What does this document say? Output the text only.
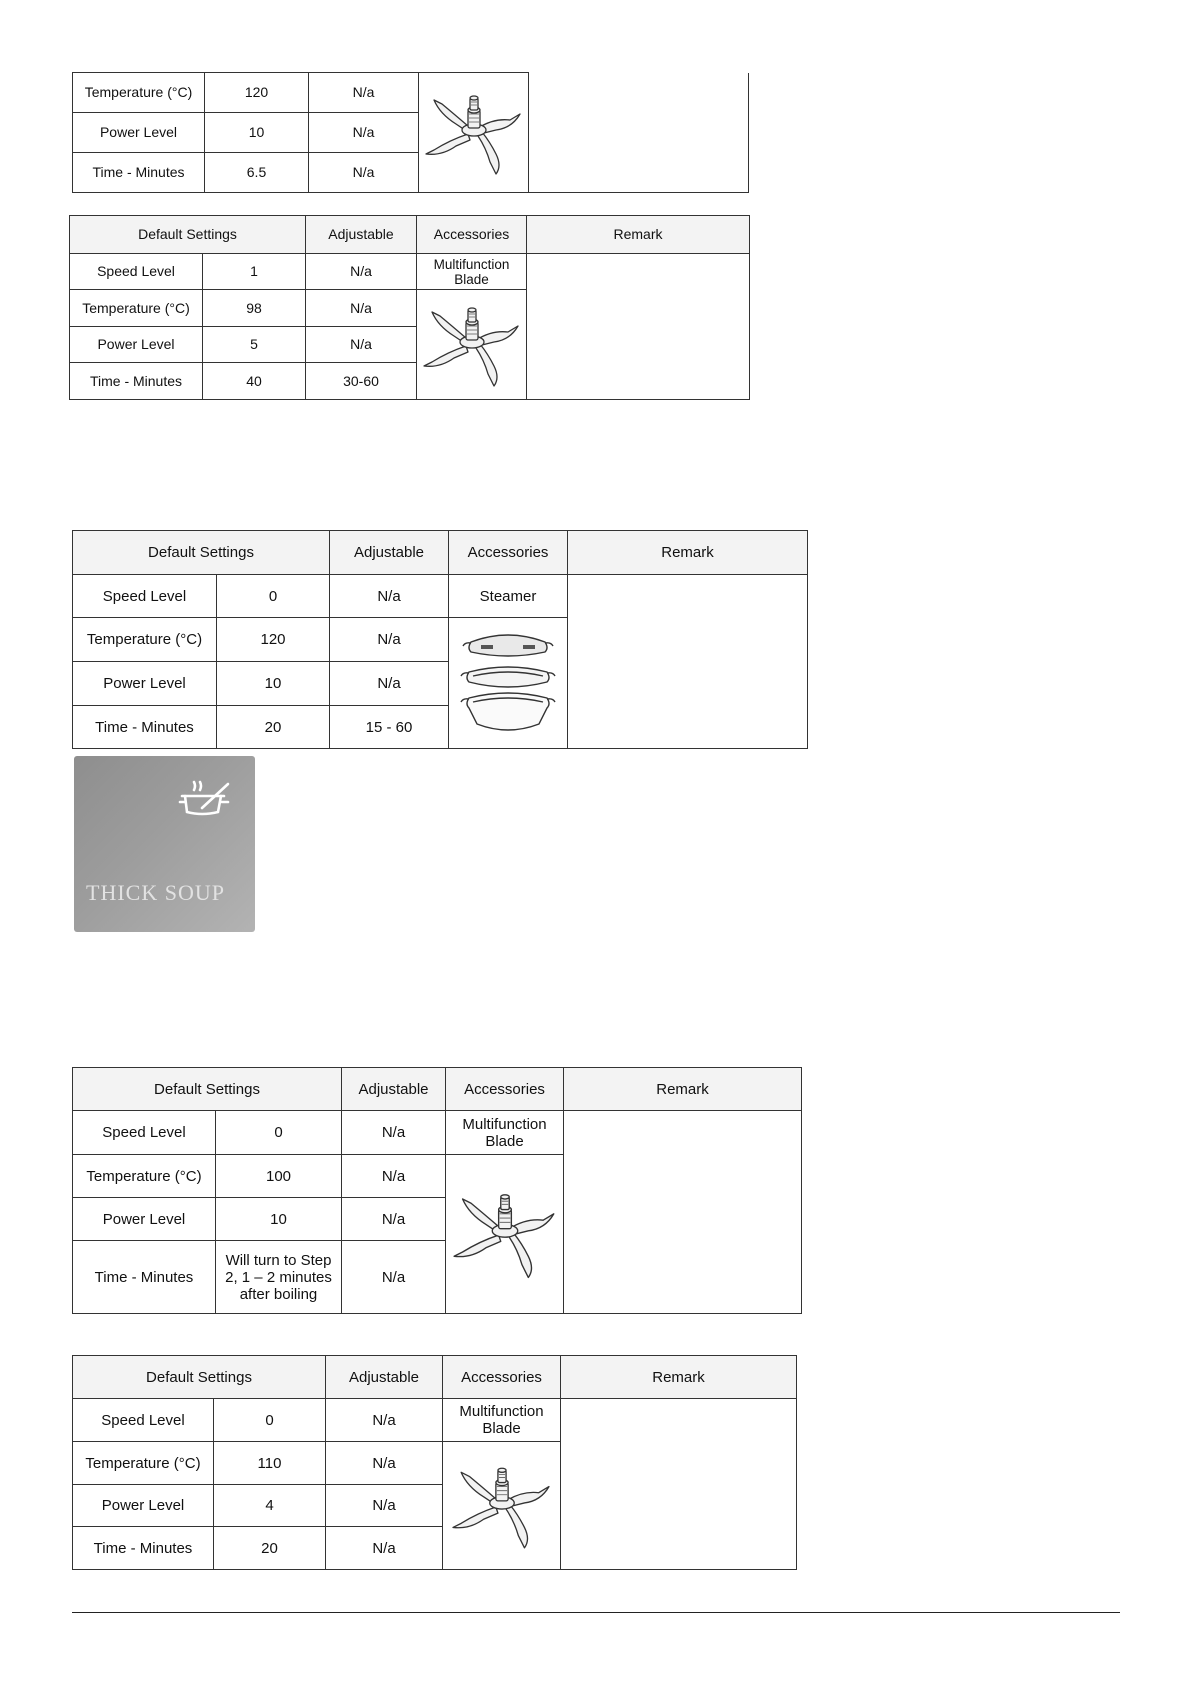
Temperature (°C)	120	N/a	

Power Level	10	N/a		
Time - Minutes	6.5	N/a		
Default Settings		Adjustable	Accessories	Remark
Speed Level	1	N/a	Multifunction Blade	
Temperature (°C)	98	N/a	

Power Level	5	N/a		
Time - Minutes	40	30-60		
Default Settings		Adjustable	Accessories	Remark
Speed Level	0	N/a	Steamer	
Temperature (°C)	120	N/a	

Power Level	10	N/a		
Time - Minutes	20	15 - 60		
THICK SOUP
Default Settings		Adjustable	Accessories	Remark
Speed Level	0	N/a	Multifunction Blade	
Temperature (°C)	100	N/a	

Power Level	10	N/a		
Time - Minutes	Will turn to Step 2, 1 – 2 minutes after boiling	N/a		
Default Settings		Adjustable	Accessories	Remark
Speed Level	0	N/a	Multifunction Blade	
Temperature (°C)	110	N/a	

Power Level	4	N/a		
Time - Minutes	20	N/a		
